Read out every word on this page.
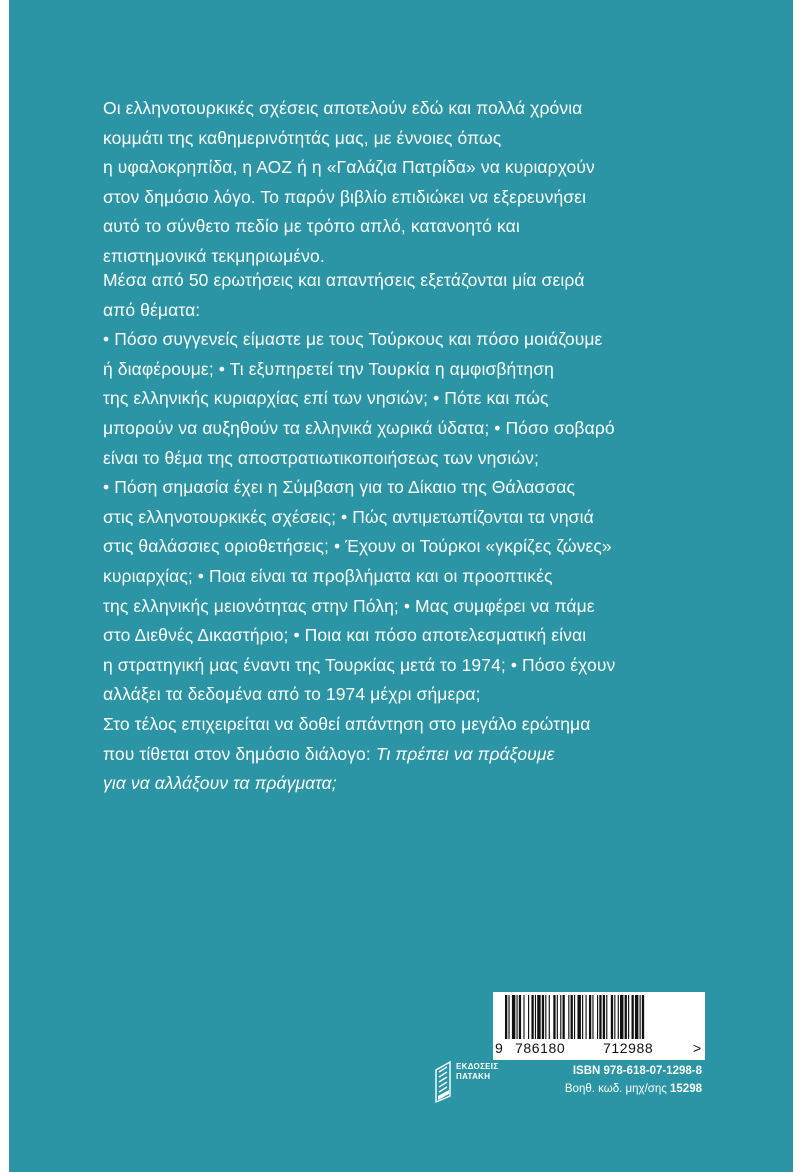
Οι ελληνοτουρκικές σχέσεις αποτελούν εδώ και πολλά χρόνια
κομμάτι της καθημερινότητάς μας, με έννοιες όπως
η υφαλοκρηπίδα, η ΑΟΖ ή η «Γαλάζια Πατρίδα» να κυριαρχούν
στον δημόσιο λόγο. Το παρόν βιβλίο επιδιώκει να εξερευνήσει
αυτό το σύνθετο πεδίο με τρόπο απλό, κατανοητό και
επιστημονικά τεκμηριωμένο.
Μέσα από 50 ερωτήσεις και απαντήσεις εξετάζονται μία σειρά
από θέματα:
• Πόσο συγγενείς είμαστε με τους Τούρκους και πόσο μοιάζουμε
ή διαφέρουμε; • Τι εξυπηρετεί την Τουρκία η αμφισβήτηση
της ελληνικής κυριαρχίας επί των νησιών; • Πότε και πώς
μπορούν να αυξηθούν τα ελληνικά χωρικά ύδατα; • Πόσο σοβαρό
είναι το θέμα της αποστρατιωτικοποιήσεως των νησιών;
• Πόση σημασία έχει η Σύμβαση για το Δίκαιο της Θάλασσας
στις ελληνοτουρκικές σχέσεις; • Πώς αντιμετωπίζονται τα νησιά
στις θαλάσσιες οριοθετήσεις; • Έχουν οι Τούρκοι «γκρίζες ζώνες»
κυριαρχίας; • Ποια είναι τα προβλήματα και οι προοπτικές
της ελληνικής μειονότητας στην Πόλη; • Μας συμφέρει να πάμε
στο Διεθνές Δικαστήριο; • Ποια και πόσο αποτελεσματική είναι
η στρατηγική μας έναντι της Τουρκίας μετά το 1974; • Πόσο έχουν
αλλάξει τα δεδομένα από το 1974 μέχρι σήμερα;
Στο τέλος επιχειρείται να δοθεί απάντηση στο μεγάλο ερώτημα
που τίθεται στον δημόσιο διάλογο: Τι πρέπει να πράξουμε
για να αλλάξουν τα πράγματα;
9 786180	712988	>
ΕΚΔΟΣΕΙΣ
ΠΑΤΑΚΗ	ISBN 978-618-07-1298-8
Βοηθ. κωδ. μηχ/σης 15298
